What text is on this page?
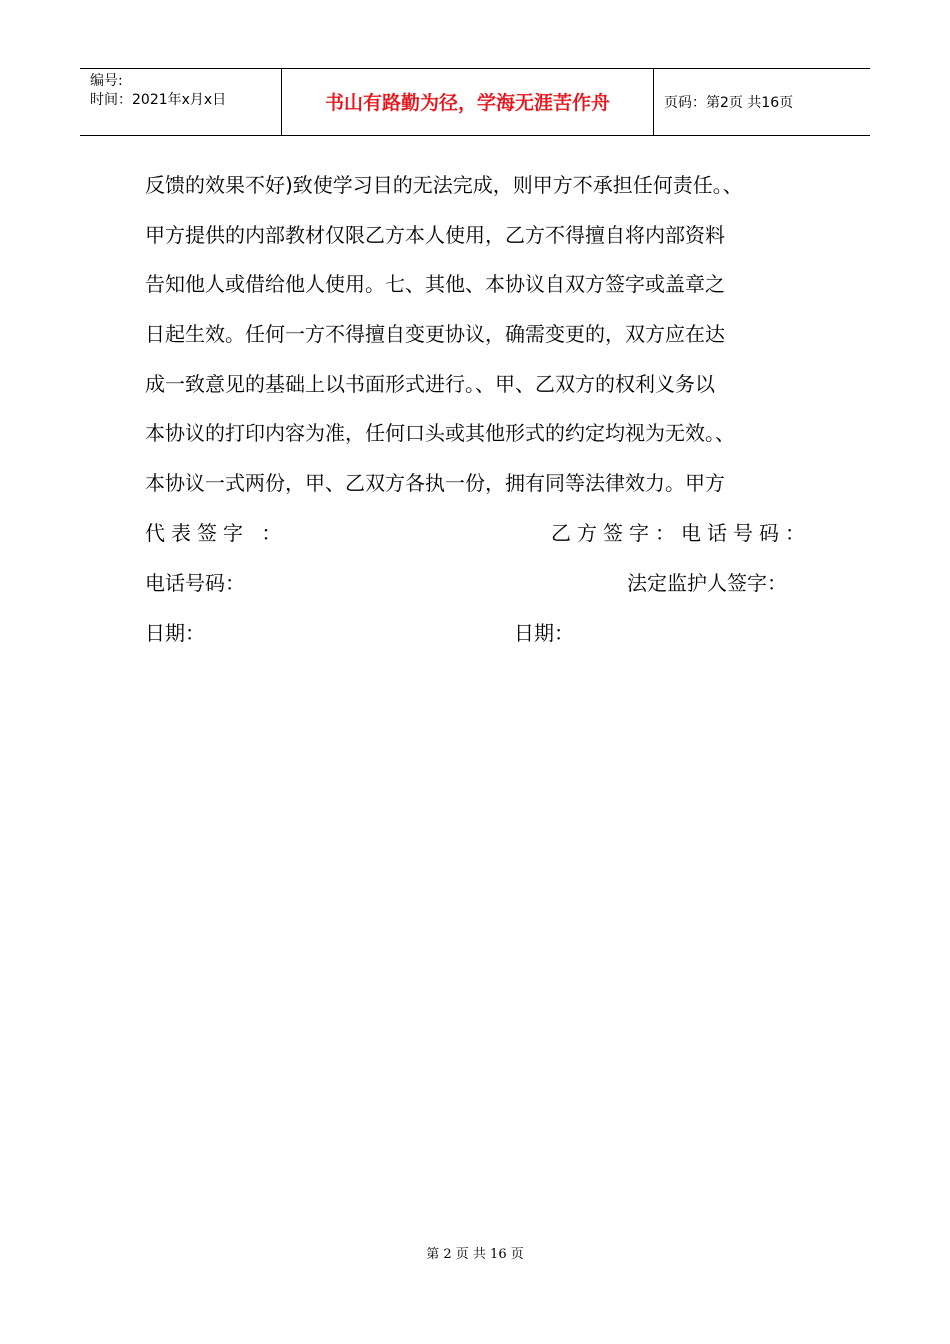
编号:
时间：2021年x月x日	书山有路勤为径，学海无涯苦作舟	页码：第2页 共16页
反馈的效果不好)致使学习目的无法完成，则甲方不承担任何责任。、
甲方提供的内部教材仅限乙方本人使用，乙方不得擅自将内部资料
告知他人或借给他人使用。七、其他、本协议自双方签字或盖章之
日起生效。任何一方不得擅自变更协议，确需变更的，双方应在达
成一致意见的基础上以书面形式进行。、甲、乙双方的权利义务以
本协议的打印内容为准，任何口头或其他形式的约定均视为无效。、
本协议一式两份，甲、乙双方各执一份，拥有同等法律效力。甲方
代表签字 ：	乙方签字：电话号码：
电话号码：	法定监护人签字：
日期：	日期：
第 2 页 共 16 页
